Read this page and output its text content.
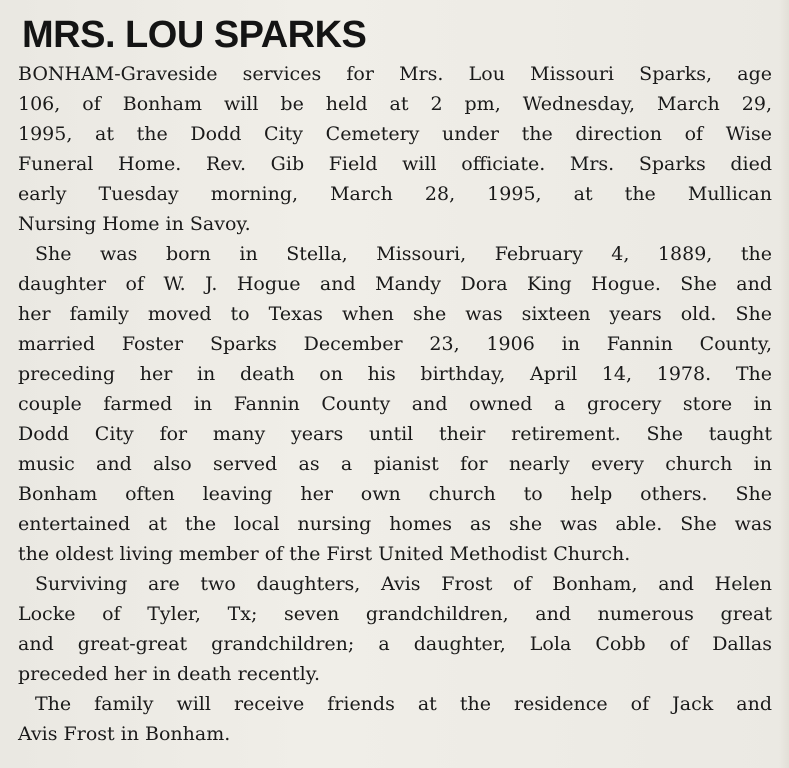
MRS. LOU SPARKS
BONHAM-Graveside services for Mrs. Lou Missouri Sparks, age
106, of Bonham will be held at 2 pm, Wednesday, March 29,
1995, at the Dodd City Cemetery under the direction of Wise
Funeral Home. Rev. Gib Field will officiate. Mrs. Sparks died
early Tuesday morning, March 28, 1995, at the Mullican
Nursing Home in Savoy.
She was born in Stella, Missouri, February 4, 1889, the
daughter of W. J. Hogue and Mandy Dora King Hogue. She and
her family moved to Texas when she was sixteen years old. She
married Foster Sparks December 23, 1906 in Fannin County,
preceding her in death on his birthday, April 14, 1978. The
couple farmed in Fannin County and owned a grocery store in
Dodd City for many years until their retirement. She taught
music and also served as a pianist for nearly every church in
Bonham often leaving her own church to help others. She
entertained at the local nursing homes as she was able. She was
the oldest living member of the First United Methodist Church.
Surviving are two daughters, Avis Frost of Bonham, and Helen
Locke of Tyler, Tx; seven grandchildren, and numerous great
and great-great grandchildren; a daughter, Lola Cobb of Dallas
preceded her in death recently.
The family will receive friends at the residence of Jack and
Avis Frost in Bonham.
